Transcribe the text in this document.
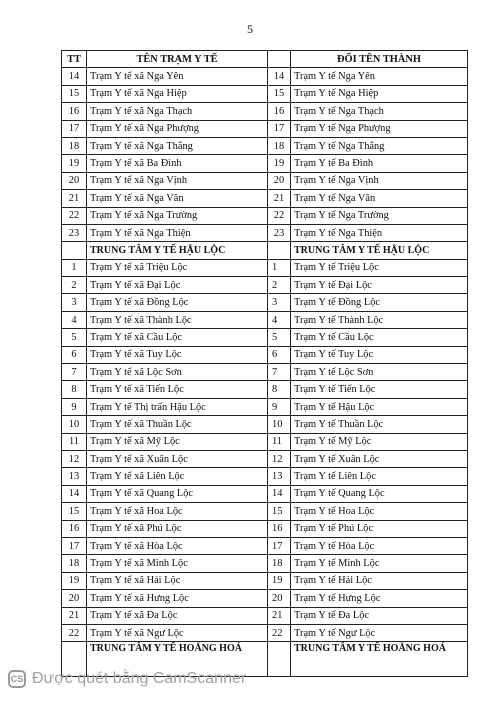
5
TT	TÊN TRẠM Y TẾ		ĐỔI TÊN THÀNH
14	Trạm Y tế xã Nga Yên	14	Trạm Y tế Nga Yên
15	Trạm Y tế xã Nga Hiệp	15	Trạm Y tế Nga Hiệp
16	Trạm Y tế xã Nga Thạch	16	Trạm Y tế Nga Thạch
17	Trạm Y tế xã Nga Phượng	17	Trạm Y tế Nga Phượng
18	Trạm Y tế xã Nga Thắng	18	Trạm Y tế Nga Thắng
19	Trạm Y tế xã Ba Đình	19	Trạm Y tế Ba Đình
20	Trạm Y tế xã Nga Vịnh	20	Trạm Y tế Nga Vịnh
21	Trạm Y tế xã Nga Văn	21	Trạm Y tế Nga Văn
22	Trạm Y tế xã Nga Trường	22	Trạm Y tế Nga Trường
23	Trạm Y tế xã Nga Thiện	23	Trạm Y tế Nga Thiện
	TRUNG TÂM Y TẾ HẬU LỘC		TRUNG TÂM Y TẾ HẬU LỘC
1	Trạm Y tế xã Triệu Lộc	1	Trạm Y tế Triệu Lộc
2	Trạm Y tế xã Đại Lộc	2	Trạm Y tế Đại Lộc
3	Trạm Y tế xã Đồng Lộc	3	Trạm Y tế Đồng Lộc
4	Trạm Y tế xã Thành Lộc	4	Trạm Y tế Thành Lộc
5	Trạm Y tế xã Cầu Lộc	5	Trạm Y tế Cầu Lộc
6	Trạm Y tế xã Tuy Lộc	6	Trạm Y tế Tuy Lộc
7	Trạm Y tế xã Lộc Sơn	7	Trạm Y tế Lộc Sơn
8	Trạm Y tế xã Tiến Lộc	8	Trạm Y tế Tiến Lộc
9	Trạm Y tế Thị trấn Hậu Lộc	9	Trạm Y tế Hậu Lộc
10	Trạm Y tế xã Thuần Lộc	10	Trạm Y tế Thuần Lộc
11	Trạm Y tế xã Mỹ Lộc	11	Trạm Y tế Mỹ Lộc
12	Trạm Y tế xã Xuân Lộc	12	Trạm Y tế Xuân Lộc
13	Trạm Y tế xã Liên Lộc	13	Trạm Y tế Liên Lộc
14	Trạm Y tế xã Quang Lộc	14	Trạm Y tế Quang Lộc
15	Trạm Y tế xã Hoa Lộc	15	Trạm Y tế Hoa Lộc
16	Trạm Y tế xã Phú Lộc	16	Trạm Y tế Phú Lộc
17	Trạm Y tế xã Hòa Lộc	17	Trạm Y tế Hòa Lộc
18	Trạm Y tế xã Minh Lộc	18	Trạm Y tế Minh Lộc
19	Trạm Y tế xã Hải Lộc	19	Trạm Y tế Hải Lộc
20	Trạm Y tế xã Hưng Lộc	20	Trạm Y tế Hưng Lộc
21	Trạm Y tế xã Đa Lộc	21	Trạm Y tế Đa Lộc
22	Trạm Y tế xã Ngư Lộc	22	Trạm Y tế Ngư Lộc
	TRUNG TÂM Y TẾ HOẰNG HOÁ		TRUNG TÂM Y TẾ HOẰNG HOÁ
CS Được quét bằng CamScanner
